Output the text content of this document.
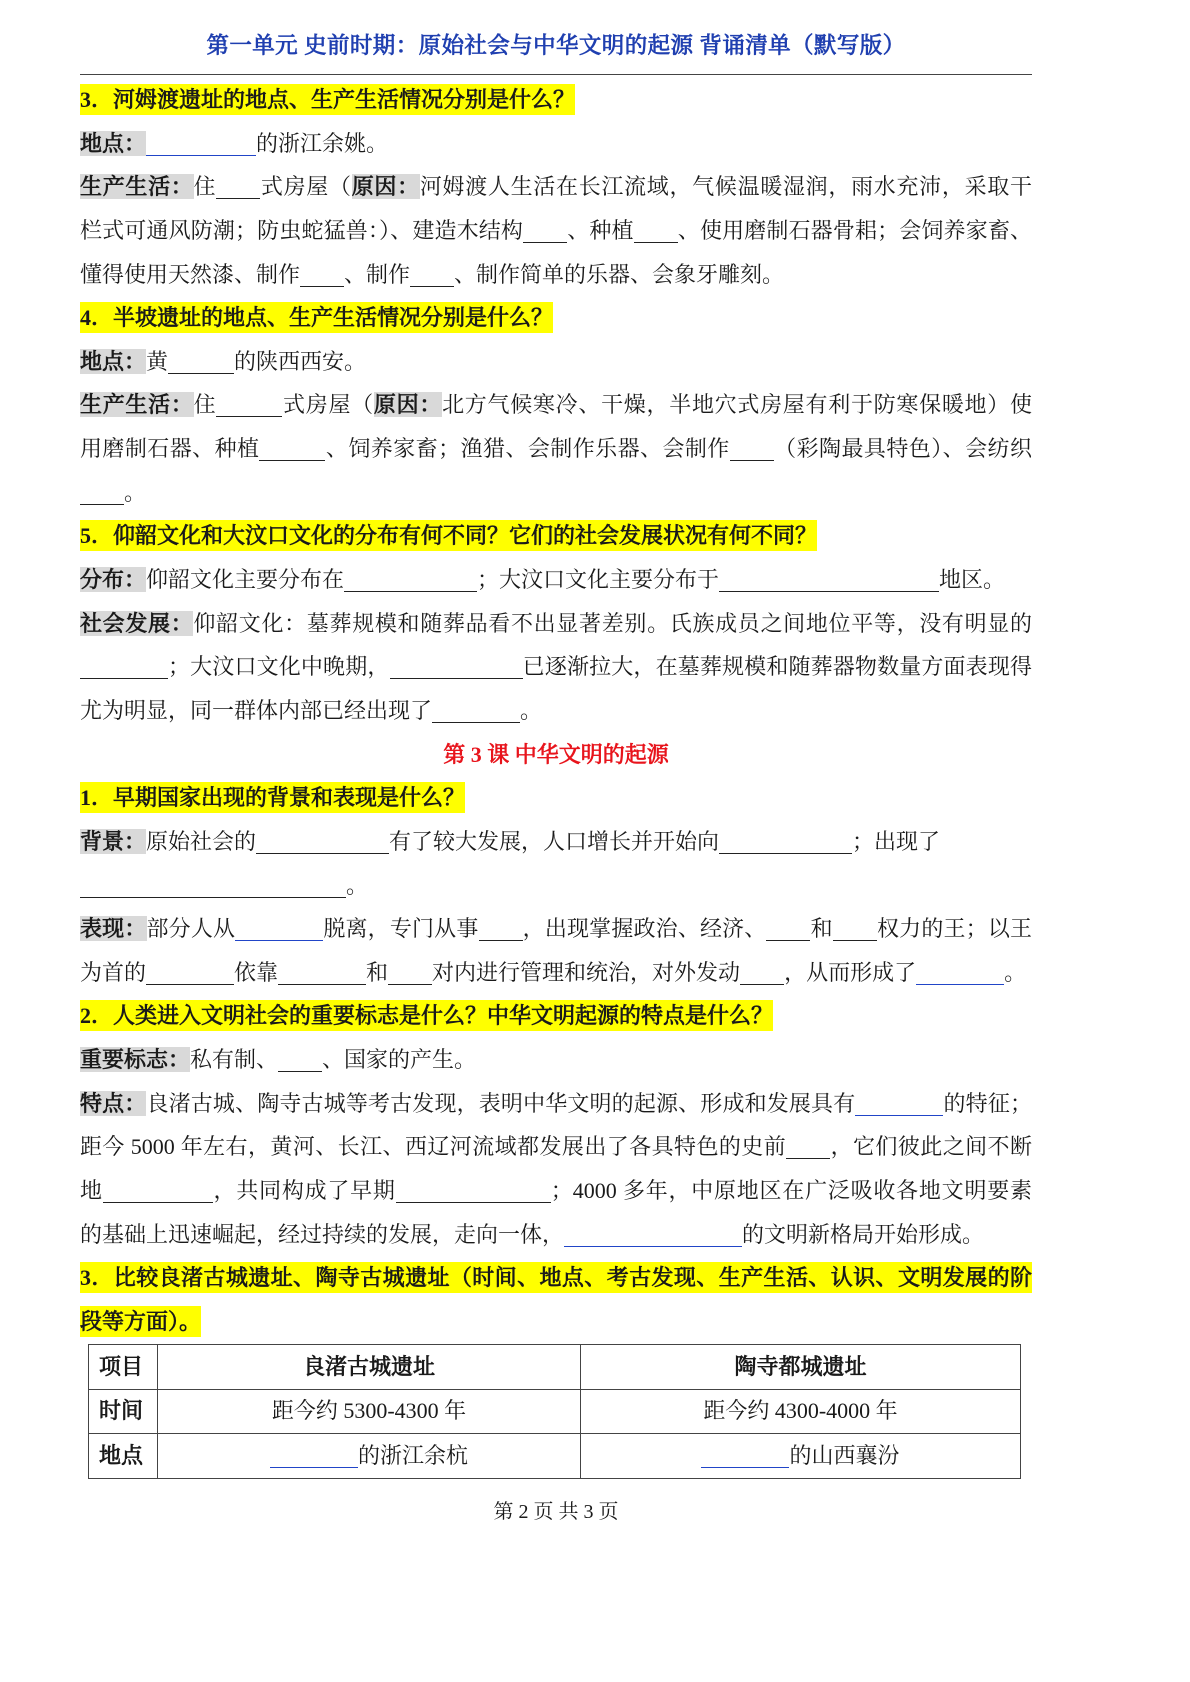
第一单元 史前时期：原始社会与中华文明的起源 背诵清单（默写版）
3．河姆渡遗址的地点、生产生活情况分别是什么？
地点：	的浙江余姚。
生产生活：住 式房屋（原因：河姆渡人生活在长江流域，气候温暖湿润，雨水充沛，采取干
栏式可通风防潮；防虫蛇猛兽：）、建造木结构 、种植 、使用磨制石器骨耜；会饲养家畜、
懂得使用天然漆、制作 、制作 、制作简单的乐器、会象牙雕刻。
4．半坡遗址的地点、生产生活情况分别是什么？
地点：黄	的陕西西安。
生产生活：住	式房屋（原因：北方气候寒冷、干燥，半地穴式房屋有利于防寒保暖地）使
用磨制石器、种植	、饲养家畜；渔猎、会制作乐器、会制作 （彩陶最具特色）、会纺织
。
5．仰韶文化和大汶口文化的分布有何不同？它们的社会发展状况有何不同？
分布：仰韶文化主要分布在	；大汶口文化主要分布于	地区。
社会发展：仰韶文化：墓葬规模和随葬品看不出显著差别。氏族成员之间地位平等，没有明显的
；大汶口文化中晚期，	已逐渐拉大，在墓葬规模和随葬器物数量方面表现得
尤为明显，同一群体内部已经出现了	。
第 3 课 中华文明的起源
1．早期国家出现的背景和表现是什么？
背景：原始社会的	有了较大发展，人口增长并开始向	；出现了
。
表现：部分人从	脱离，专门从事 ，出现掌握政治、经济、 和 权力的王；以王
为首的	依靠	和 对内进行管理和统治，对外发动 ，从而形成了	。
2．人类进入文明社会的重要标志是什么？中华文明起源的特点是什么？
重要标志：私有制、 、国家的产生。
特点：良渚古城、陶寺古城等考古发现，表明中华文明的起源、形成和发展具有	的特征；
距今 5000 年左右，黄河、长江、西辽河流域都发展出了各具特色的史前 ，它们彼此之间不断
地	，共同构成了早期	；4000 多年，中原地区在广泛吸收各地文明要素
的基础上迅速崛起，经过持续的发展，走向一体，	的文明新格局开始形成。
3．比较良渚古城遗址、陶寺古城遗址（时间、地点、考古发现、生产生活、认识、文明发展的阶
段等方面）。
项目	良渚古城遗址	陶寺都城遗址
时间	距今约 5300-4300 年	距今约 4300-4000 年
地点	的浙江余杭	的山西襄汾
第 2 页 共 3 页
